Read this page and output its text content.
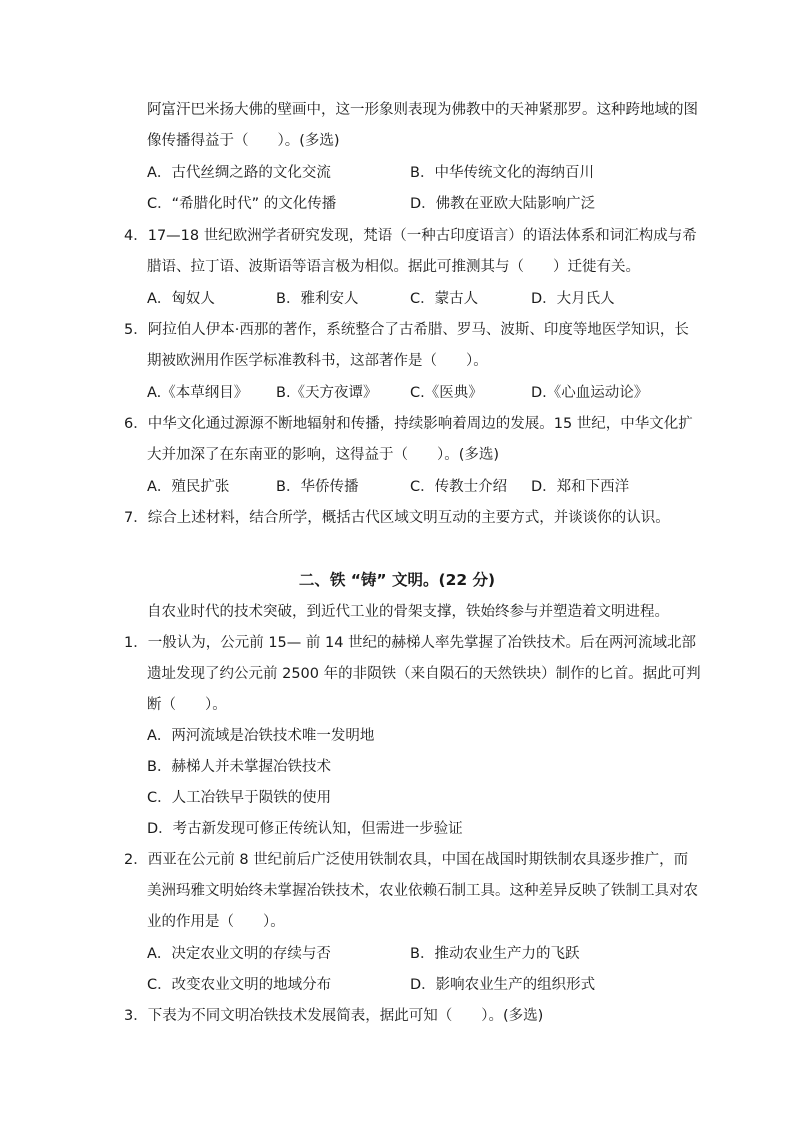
阿富汗巴米扬大佛的壁画中，这一形象则表现为佛教中的天神紧那罗。这种跨地域的图
像传播得益于（　　）。(多选)
A．古代丝绸之路的文化交流	B．中华传统文化的海纳百川
C．“希腊化时代” 的文化传播	D．佛教在亚欧大陆影响广泛
4．17—18 世纪欧洲学者研究发现，梵语（一种古印度语言）的语法体系和词汇构成与希
腊语、拉丁语、波斯语等语言极为相似。据此可推测其与（　　）迁徙有关。
A．匈奴人	B．雅利安人	C．蒙古人	D．大月氏人
5．阿拉伯人伊本·西那的著作，系统整合了古希腊、罗马、波斯、印度等地医学知识，长
期被欧洲用作医学标准教科书，这部著作是（　　）。
A.《本草纲目》 B.《天方夜谭》 C.《医典》	D.《心血运动论》
6．中华文化通过源源不断地辐射和传播，持续影响着周边的发展。15 世纪，中华文化扩
大并加深了在东南亚的影响，这得益于（　　）。(多选)
A．殖民扩张	B．华侨传播	C．传教士介绍 D．郑和下西洋
7．综合上述材料，结合所学，概括古代区域文明互动的主要方式，并谈谈你的认识。
二、铁 “铸” 文明。(22 分)
自农业时代的技术突破，到近代工业的骨架支撑，铁始终参与并塑造着文明进程。
1．一般认为，公元前 15— 前 14 世纪的赫梯人率先掌握了冶铁技术。后在两河流域北部
遗址发现了约公元前 2500 年的非陨铁（来自陨石的天然铁块）制作的匕首。据此可判
断（　　）。
A．两河流域是冶铁技术唯一发明地
B．赫梯人并未掌握冶铁技术
C．人工冶铁早于陨铁的使用
D．考古新发现可修正传统认知，但需进一步验证
2．西亚在公元前 8 世纪前后广泛使用铁制农具，中国在战国时期铁制农具逐步推广，而
美洲玛雅文明始终未掌握冶铁技术，农业依赖石制工具。这种差异反映了铁制工具对农
业的作用是（　　）。
A．决定农业文明的存续与否	B．推动农业生产力的飞跃
C．改变农业文明的地域分布	D．影响农业生产的组织形式
3．下表为不同文明冶铁技术发展简表，据此可知（　　）。(多选)
